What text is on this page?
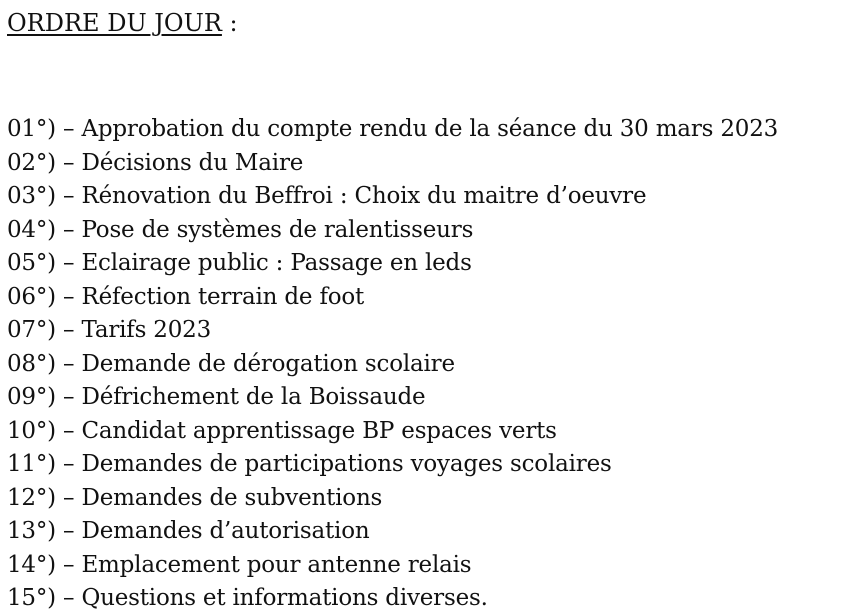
ORDRE DU JOUR :
01°) – Approbation du compte rendu de la séance du 30 mars 2023
02°) – Décisions du Maire
03°) – Rénovation du Beffroi : Choix du maitre d’oeuvre
04°) – Pose de systèmes de ralentisseurs
05°) – Eclairage public : Passage en leds
06°) – Réfection terrain de foot
07°) – Tarifs 2023
08°) – Demande de dérogation scolaire
09°) – Défrichement de la Boissaude
10°) – Candidat apprentissage BP espaces verts
11°) – Demandes de participations voyages scolaires
12°) – Demandes de subventions
13°) – Demandes d’autorisation
14°) – Emplacement pour antenne relais
15°) – Questions et informations diverses.
